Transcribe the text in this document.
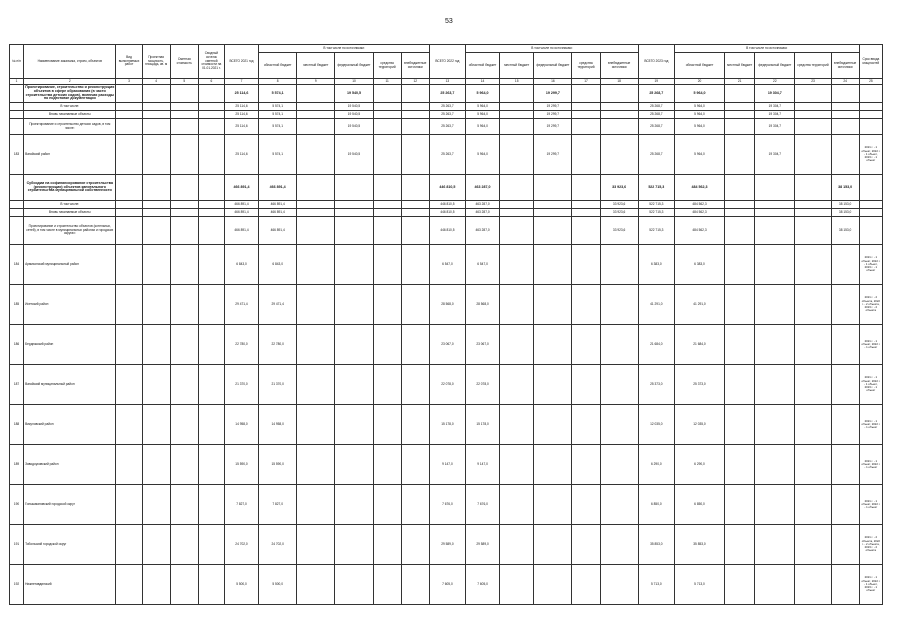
53
№ п/п	Наименование заказчика, строек, объектов	Вид выполняемых работ	Проектная мощность, площадь, кв. м	Сметная стоимость	Сводный остаток сметной стоимости на 01.01.2021 г.	ВСЕГО 2021 год	В том числе по источникам:					ВСЕГО 2022 год	В том числе по источникам:					ВСЕГО 2023 год	В том числе по источникам:					Срок ввода мощностей
							областной бюджет	местный бюджет	федеральный бюджет	средства территорий	внебюджетные источники		областной бюджет	местный бюджет	федеральный бюджет	средства территорий	внебюджетные источники		областной бюджет	местный бюджет	федеральный бюджет	средства территорий	внебюджетные источники	
1	2	3	4	5	6	7	8	9	10	11	12	13	14	15	16	17	18	19	20	21	22	23	24	25
	Проектирование, строительство и реконструкция объектов в сфере образования (в части строительства детских садов), включая расходы по подготовке документации					25 114,6	5 574,1		19 540,5			25 263,7	5 964,0		19 299,7			25 268,7	5 964,0		19 304,7			
	В том числе:					25 114,6	5 574,1		19 540,5			25 263,7	5 964,0		19 299,7			25 268,7	5 964,0		19 304,7			
	Вновь начинаемые объекты					25 114,6	5 574,1		19 540,5			25 263,7	5 964,0		19 299,7			25 268,7	5 964,0		19 304,7			
	Проектирование и строительство детских садов, в том числе:					25 114,6	5 574,1		19 540,5			25 263,7	5 964,0		19 299,7			25 268,7	5 964,0		19 304,7			
183	Вагайский район					25 114,6	5 574,1		19 540,5			25 263,7	5 964,0		19 299,7			25 268,7	5 964,0		19 304,7			2021 г. - 1 объект, 2022 г. - 1 объект, 2023 г. - 1 объект
	Субсидии на софинансирование строительства (реконструкции) объектов капитального строительства муниципальной собственности					466 891,4	466 891,4					446 810,5	463 287,0				33 923,6	522 715,3	484 562,3				38 153,0	
	В том числе:					466 891,4	466 891,4					446 810,5	463 287,0				33 923,6	522 715,3	484 562,3				38 153,0	
	Вновь начинаемые объекты					466 891,4	466 891,4					446 810,5	463 287,0				33 923,6	522 715,3	484 562,3				38 153,0	
	Проектирование и строительство объектов (котельных, сетей), в том числе в муниципальных районах и городских округах:					466 891,4	466 891,4					446 810,5	463 287,0				33 923,6	522 715,3	484 562,3				38 153,0	
184	Армизонский муниципальный район					6 843,0	6 843,0					6 547,0	6 547,0					6 383,0	6 383,0					2021 г. - 1 объект, 2022 г. - 1 объект, 2023 г. - 1 объект
185	Исетский район					29 471,4	29 471,4					28 568,0	28 568,0					41 291,0	41 291,0					2021 г. - 2 объекта, 2022 г. - 2 объекта, 2023 г. - 2 объекта
186	Бердюжский район					22 780,0	22 780,0					23 067,0	23 067,0					21 684,0	21 684,0					2021 г. - 1 объект, 2022 г. - 1 объект
187	Вагайский муниципальный район					21 370,0	21 370,0					22 078,0	22 078,0					25 373,0	25 373,0					2021 г. - 1 объект, 2022 г. - 1 объект, 2023 г. - 1 объект
188	Викуловский район					14 958,0	14 958,0					15 178,0	15 178,0					12 035,0	12 035,0					2021 г. - 1 объект, 2022 г. - 1 объект
189	Заводоуковский район					15 590,0	15 590,0					9 147,0	9 147,0					6 290,0	6 290,0					2021 г. - 1 объект, 2022 г. - 1 объект
190	Голышмановский городской округ					7 827,0	7 827,0					7 676,0	7 676,0					6 850,0	6 850,0					2021 г. - 1 объект, 2022 г. - 1 объект
191	Тобольский городской округ					24 702,0	24 702,0					29 589,0	29 589,0					35 853,0	35 853,0					2021 г. - 2 объекта, 2022 г. - 2 объекта, 2023 г. - 2 объекта
192	Нижнетавдинский					5 500,0	5 500,0					7 605,0	7 605,0					5 713,0	5 713,0					2021 г. - 1 объект, 2022 г. - 1 объект, 2023 г. - 1 объект
